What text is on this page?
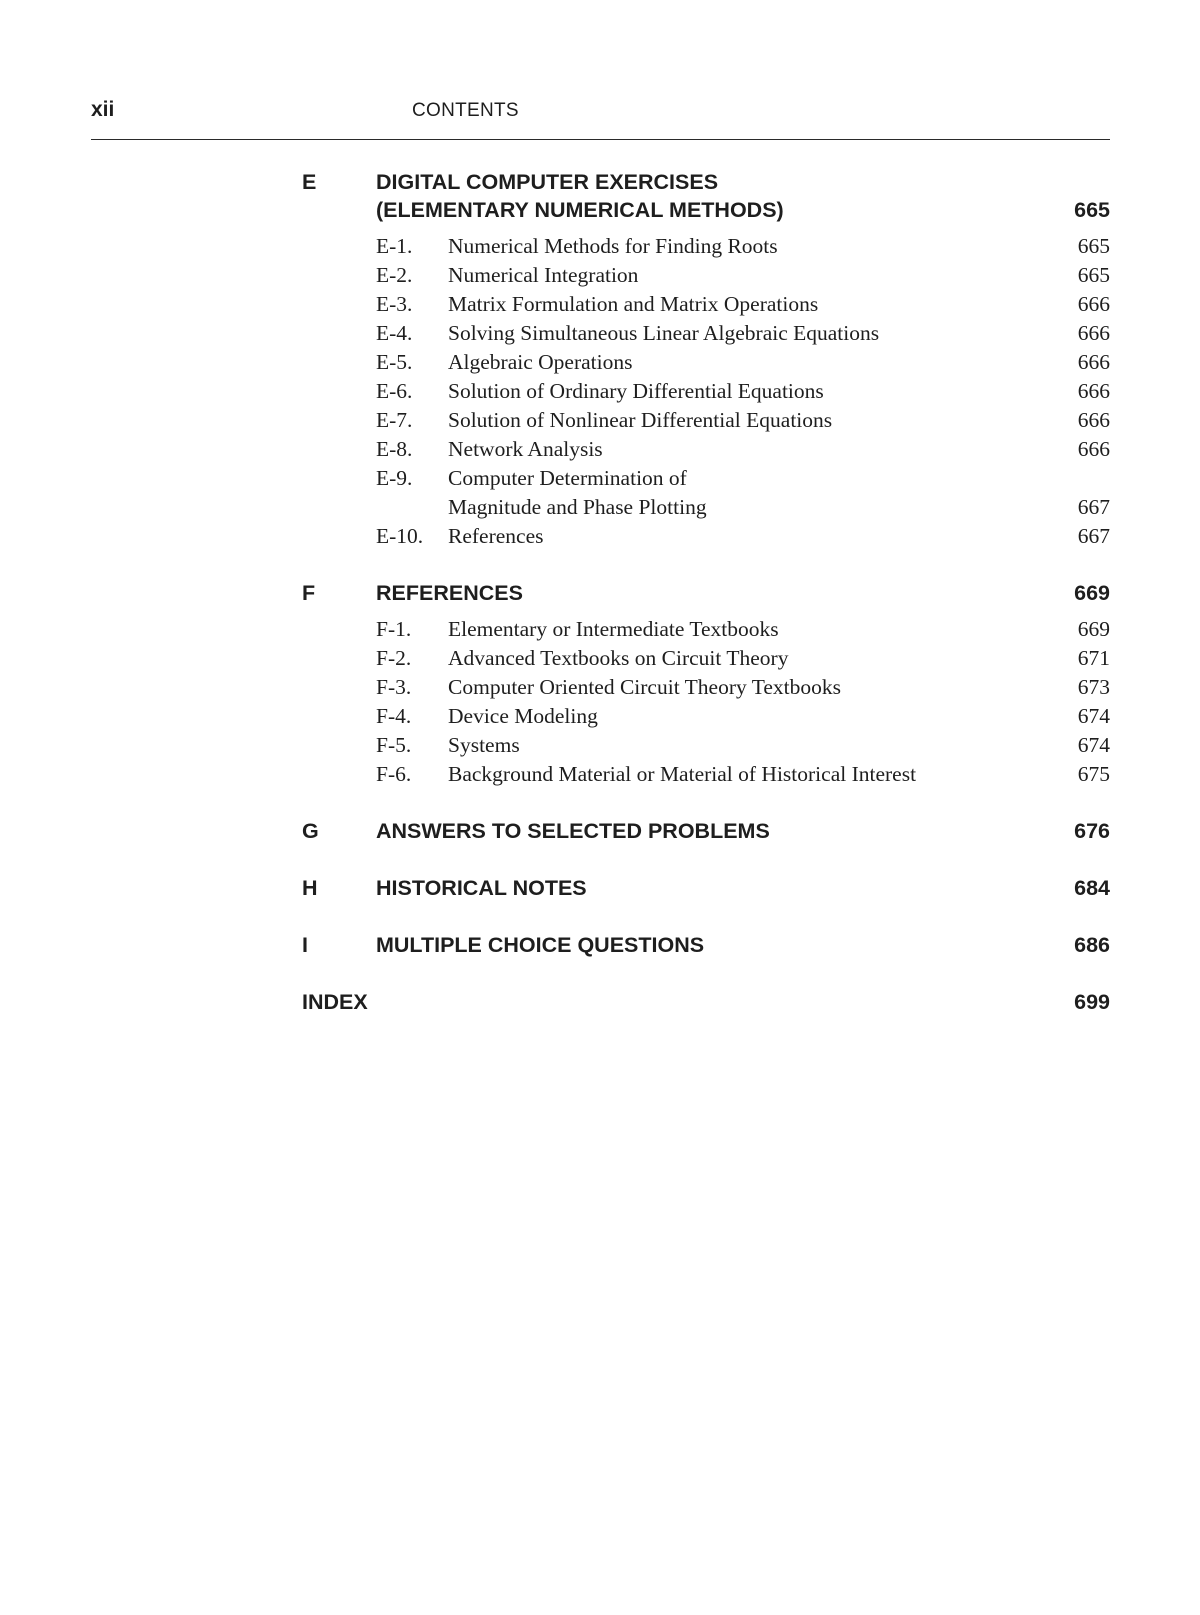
xii	CONTENTS
E	DIGITAL COMPUTER EXERCISES
(ELEMENTARY NUMERICAL METHODS)	665
E-1. Numerical Methods for Finding Roots	665
E-2. Numerical Integration	665
E-3. Matrix Formulation and Matrix Operations	666
E-4. Solving Simultaneous Linear Algebraic Equations	666
E-5. Algebraic Operations	666
E-6. Solution of Ordinary Differential Equations	666
E-7. Solution of Nonlinear Differential Equations	666
E-8. Network Analysis	666
E-9. Computer Determination of
Magnitude and Phase Plotting	667
E-10. References	667
F	REFERENCES	669
F-1. Elementary or Intermediate Textbooks	669
F-2. Advanced Textbooks on Circuit Theory	671
F-3. Computer Oriented Circuit Theory Textbooks	673
F-4. Device Modeling	674
F-5. Systems	674
F-6. Background Material or Material of Historical Interest	675
G	ANSWERS TO SELECTED PROBLEMS	676
H	HISTORICAL NOTES	684
I	MULTIPLE CHOICE QUESTIONS	686
INDEX	699
